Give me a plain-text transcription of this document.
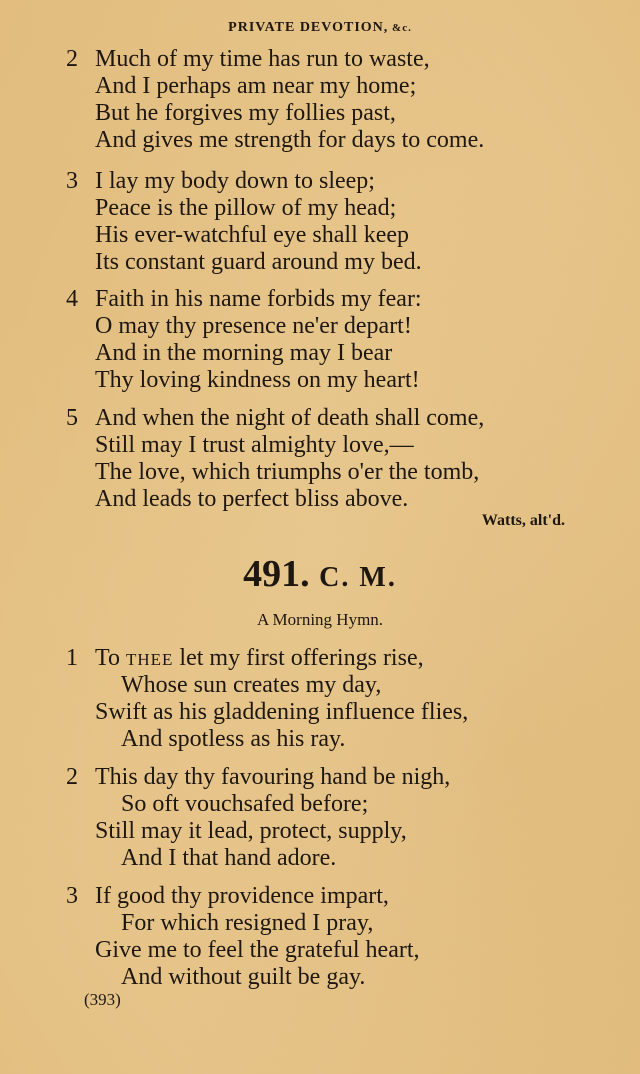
PRIVATE DEVOTION, &c.
2 Much of my time has run to waste,
And I perhaps am near my home;
But he forgives my follies past,
And gives me strength for days to come.
3 I lay my body down to sleep;
Peace is the pillow of my head;
His ever-watchful eye shall keep
Its constant guard around my bed.
4 Faith in his name forbids my fear:
O may thy presence ne'er depart!
And in the morning may I bear
Thy loving kindness on my heart!
5 And when the night of death shall come,
Still may I trust almighty love,—
The love, which triumphs o'er the tomb,
And leads to perfect bliss above.
Watts, alt'd.
491. C. M.
A Morning Hymn.
1 To THEE let my first offerings rise,
Whose sun creates my day,
Swift as his gladdening influence flies,
And spotless as his ray.
2 This day thy favouring hand be nigh,
So oft vouchsafed before;
Still may it lead, protect, supply,
And I that hand adore.
3 If good thy providence impart,
For which resigned I pray,
Give me to feel the grateful heart,
And without guilt be gay.
(393)
